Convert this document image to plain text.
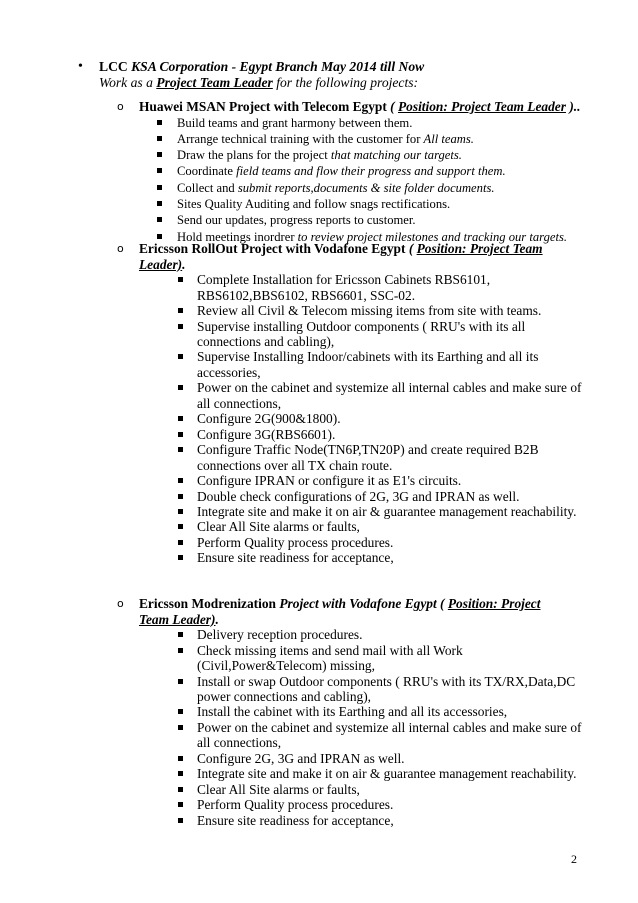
• LCC KSA Corporation - Egypt Branch May 2014 till Now
Work as a Project Team Leader for the following projects:
o Huawei MSAN Project with Telecom Egypt ( Position: Project Team Leader )..
Build teams and grant harmony between them.
Arrange technical training with the customer for All teams.
Draw the plans for the project that matching our targets.
Coordinate field teams and flow their progress and support them.
Collect and submit reports,documents & site folder documents.
Sites Quality Auditing and follow snags rectifications.
Send our updates, progress reports to customer.
Hold meetings inordrer to review project milestones and tracking our targets.
o Ericsson RollOut Project with Vodafone Egypt ( Position: Project Team Leader).
Complete Installation for Ericsson Cabinets RBS6101, RBS6102,BBS6102, RBS6601, SSC-02.
Review all Civil & Telecom missing items from site with teams.
Supervise installing Outdoor components ( RRU's with its all connections and cabling),
Supervise Installing Indoor/cabinets with its Earthing and all its accessories,
Power on the cabinet and systemize all internal cables and make sure of all connections,
Configure 2G(900&1800).
Configure 3G(RBS6601).
Configure Traffic Node(TN6P,TN20P) and create required B2B connections over all TX chain route.
Configure IPRAN or configure it as E1's circuits.
Double check configurations of 2G, 3G and IPRAN as well.
Integrate site and make it on air & guarantee management reachability.
Clear All Site alarms or faults,
Perform Quality process procedures.
Ensure site readiness for acceptance,
o Ericsson Modrenization Project with Vodafone Egypt ( Position: Project Team Leader).
Delivery reception procedures.
Check missing items and send mail with all Work (Civil,Power&Telecom) missing,
Install or swap Outdoor components ( RRU's with its TX/RX,Data,DC power connections and cabling),
Install the cabinet with its Earthing and all its accessories,
Power on the cabinet and systemize all internal cables and make sure of all connections,
Configure 2G, 3G and IPRAN as well.
Integrate site and make it on air & guarantee management reachability.
Clear All Site alarms or faults,
Perform Quality process procedures.
Ensure site readiness for acceptance,
2
